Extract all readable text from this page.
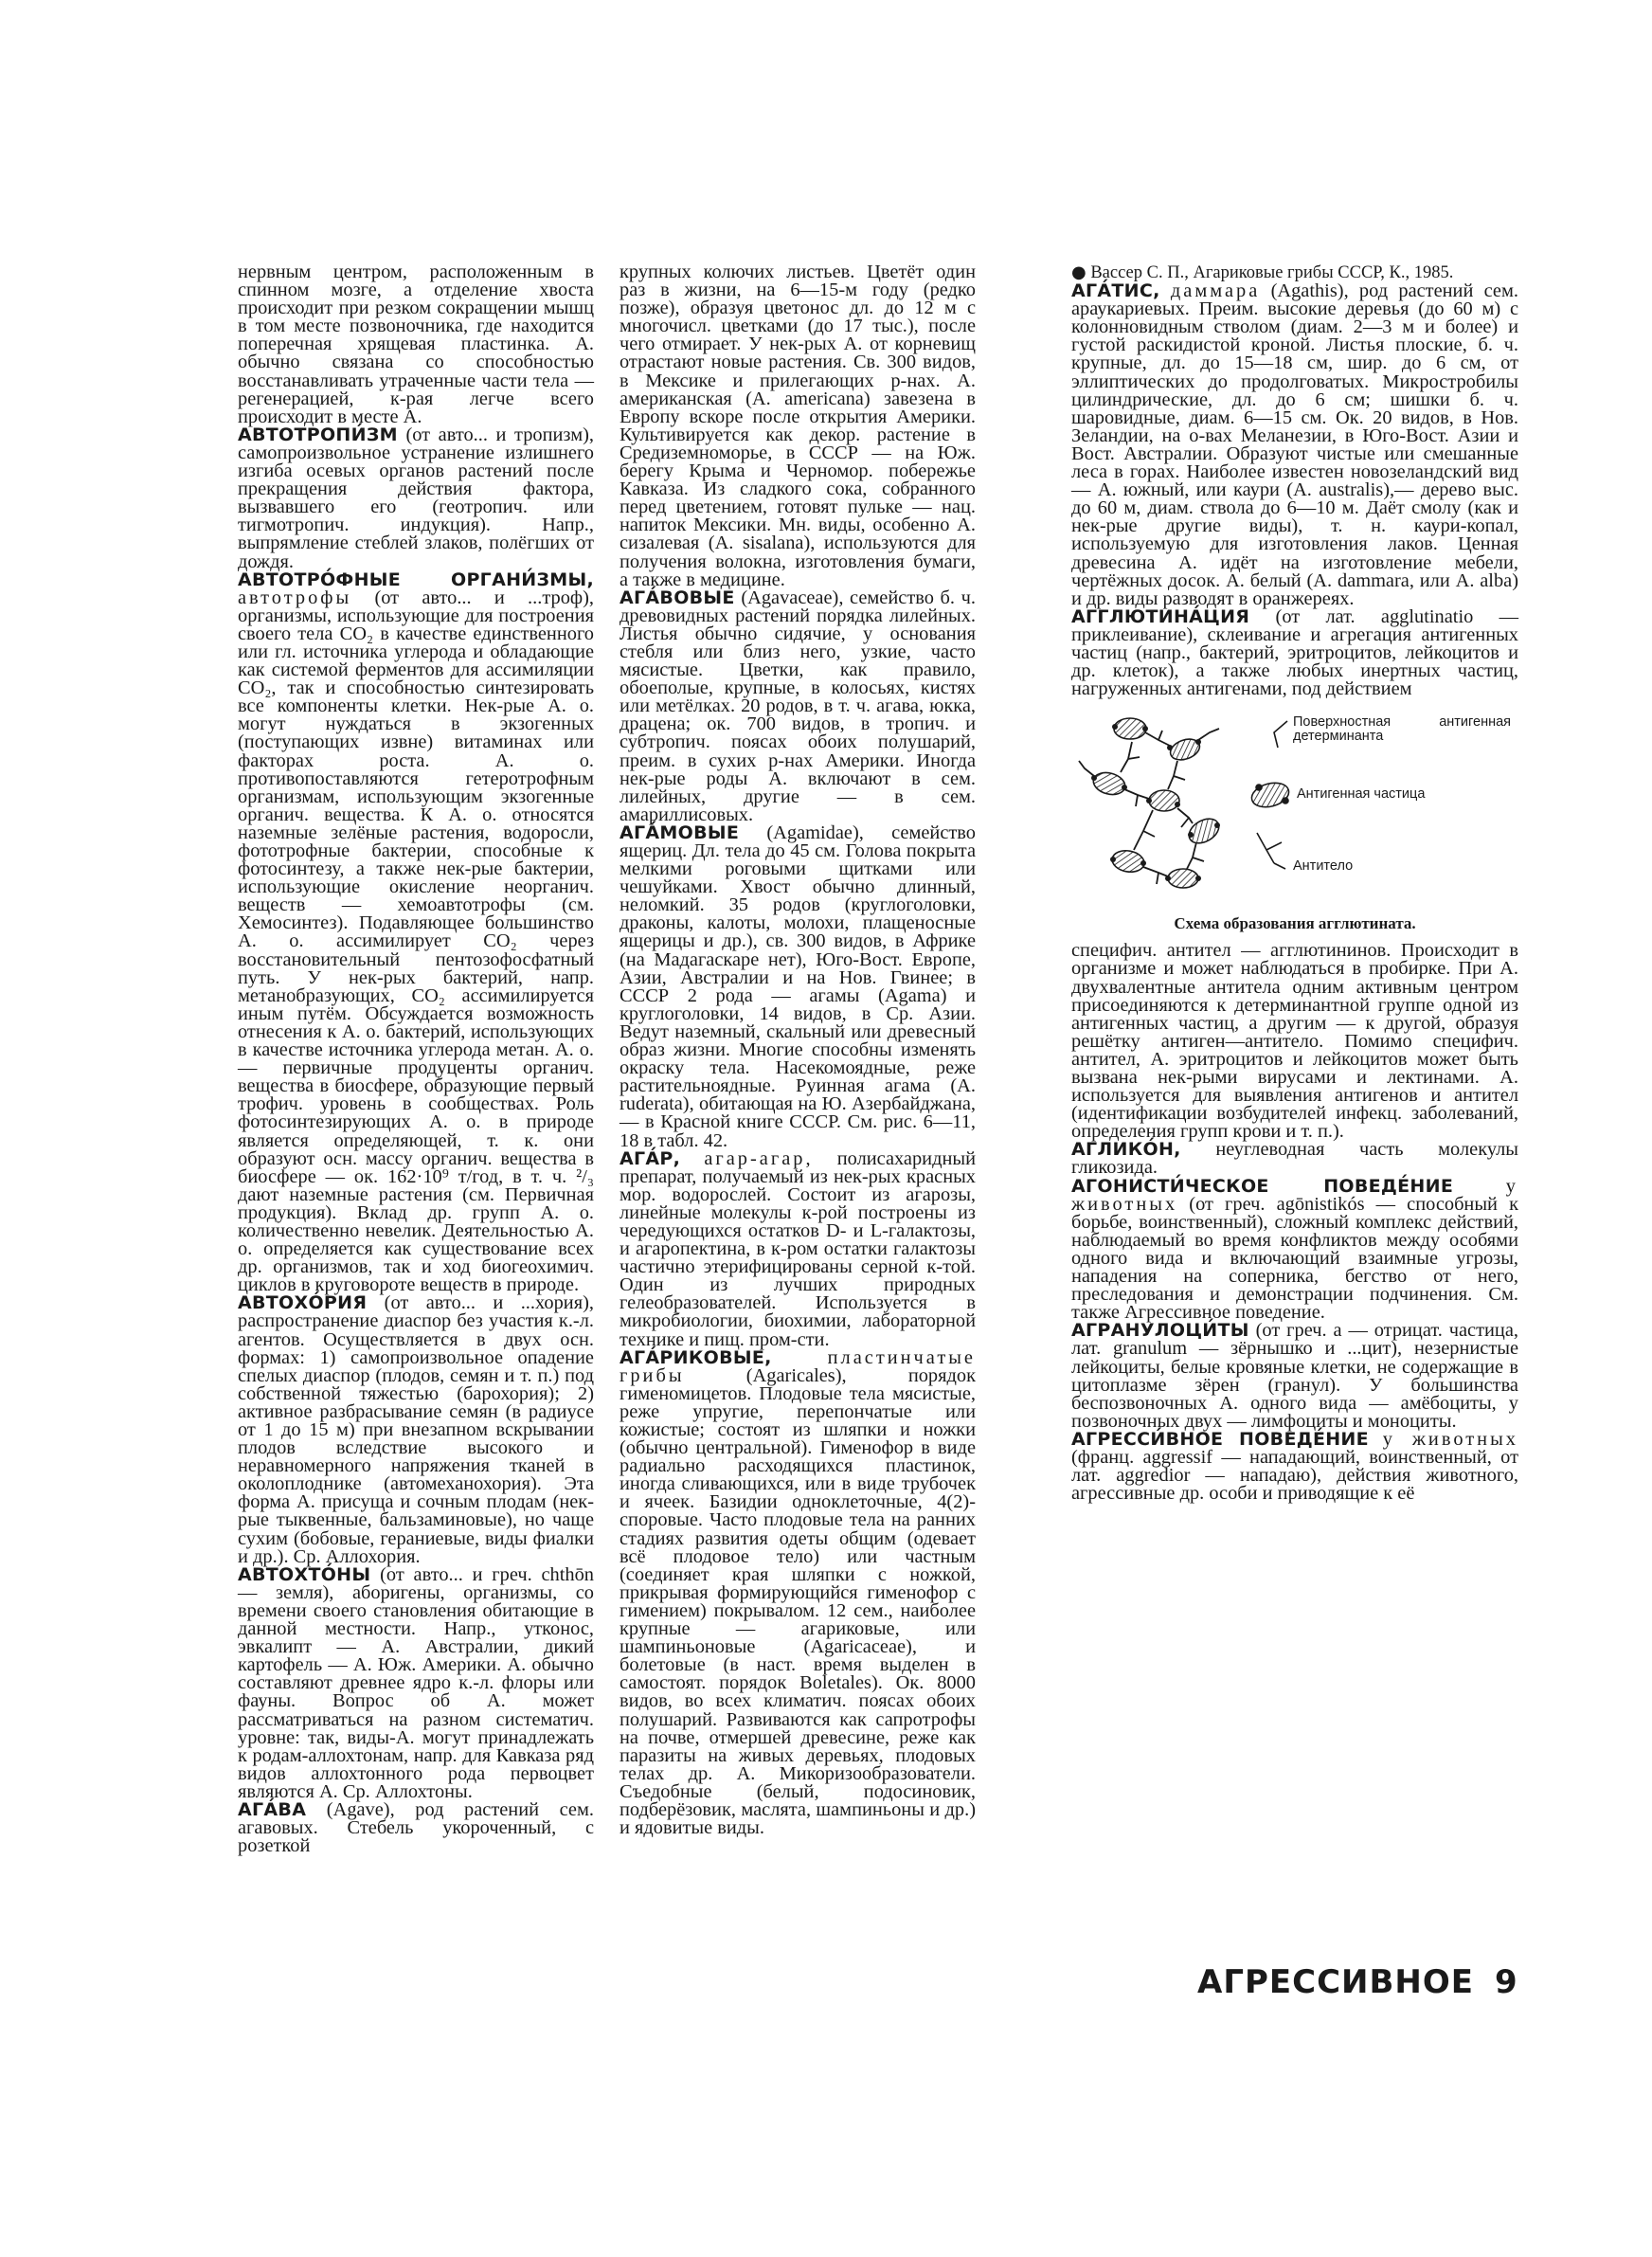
нервным центром, расположенным в спинном мозге, а отделение хвоста происходит при резком сокращении мышц в том месте позвоночника, где находится поперечная хрящевая пластинка. А. обычно связана со способностью восстанавливать утраченные части тела — регенерацией, к-рая легче всего происходит в месте А.

АВТОТРОПИ́ЗМ (от авто... и тропизм), самопроизвольное устранение излишнего изгиба осевых органов растений после прекращения действия фактора, вызвавшего его (геотропич. или тигмотропич. индукция). Напр., выпрямление стеблей злаков, полёгших от дождя.

АВТОТРО́ФНЫЕ ОРГАНИ́ЗМЫ, автотрофы (от авто... и ...троф), организмы, использующие для построения своего тела CO₂ в качестве единственного или гл. источника углерода и обладающие как системой ферментов для ассимиляции CO₂, так и способностью синтезировать все компоненты клетки. Нек-рые А. о. могут нуждаться в экзогенных (поступающих извне) витаминах или факторах роста. А. о. противопоставляются гетеротрофным организмам, использующим экзогенные органич. вещества. К А. о. относятся наземные зелёные растения, водоросли, фототрофные бактерии, способные к фотосинтезу, а также нек-рые бактерии, использующие окисление неорганич. веществ — хемоавтотрофы (см. Хемосинтез). Подавляющее большинство А. о. ассимилирует CO₂ через восстановительный пентозофосфатный путь. У нек-рых бактерий, напр. метанобразующих, CO₂ ассимилируется иным путём. Обсуждается возможность отнесения к А. о. бактерий, использующих в качестве источника углерода метан. А. о.— первичные продуценты органич. вещества в биосфере, образующие первый трофич. уровень в сообществах. Роль фотосинтезирующих А. о. в природе является определяющей, т. к. они образуют осн. массу органич. вещества в биосфере — ок. 162·10⁹ т/год, в т. ч. ²/₃ дают наземные растения (см. Первичная продукция). Вклад др. групп А. о. количественно невелик. Деятельностью А. о. определяется как существование всех др. организмов, так и ход биогеохимич. циклов в круговороте веществ в природе.

АВТОХО́РИЯ (от авто... и ...хория), распространение диаспор без участия к.-л. агентов. Осуществляется в двух осн. формах: 1) самопроизвольное опадение спелых диаспор (плодов, семян и т. п.) под собственной тяжестью (барохория); 2) активное разбрасывание семян (в радиусе от 1 до 15 м) при внезапном вскрывании плодов вследствие высокого и неравномерного напряжения тканей в околоплоднике (автомеханохория). Эта форма А. присуща и сочным плодам (нек-рые тыквенные, бальзаминовые), но чаще сухим (бобовые, гераниевые, виды фиалки и др.). Ср. Аллохория.

АВТОХТО́НЫ (от авто... и греч. chthōn — земля), аборигены, организмы, со времени своего становления обитающие в данной местности. Напр., утконос, эвкалипт — А. Австралии, дикий картофель — А. Юж. Америки. А. обычно составляют древнее ядро к.-л. флоры или фауны. Вопрос об А. может рассматриваться на разном систематич. уровне: так, виды-А. могут принадлежать к родам-аллохтонам, напр. для Кавказа ряд видов аллохтонного рода первоцвет являются А. Ср. Аллохтоны.

АГА́ВА (Agave), род растений сем. агавовых. Стебель укороченный, с розеткой

крупных колючих листьев. Цветёт один раз в жизни, на 6—15-м году (редко позже), образуя цветонос дл. до 12 м с многочисл. цветками (до 17 тыс.), после чего отмирает. У нек-рых А. от корневищ отрастают новые растения. Св. 300 видов, в Мексике и прилегающих р-нах. А. американская (A. americana) завезена в Европу вскоре после открытия Америки. Культивируется как декор. растение в Средиземноморье, в СССР — на Юж. берегу Крыма и Черномор. побережье Кавказа. Из сладкого сока, собранного перед цветением, готовят пульке — нац. напиток Мексики. Мн. виды, особенно А. сизалевая (A. sisalana), используются для получения волокна, изготовления бумаги, а также в медицине.

АГА́ВОВЫЕ (Agavaceae), семейство б. ч. древовидных растений порядка лилейных. Листья обычно сидячие, у основания стебля или близ него, узкие, часто мясистые. Цветки, как правило, обоеполые, крупные, в колосьях, кистях или метёлках. 20 родов, в т. ч. агава, юкка, драцена; ок. 700 видов, в тропич. и субтропич. поясах обоих полушарий, преим. в сухих р-нах Америки. Иногда нек-рые роды А. включают в сем. лилейных, другие — в сем. амариллисовых.

АГА́МОВЫЕ (Agamidae), семейство ящериц. Дл. тела до 45 см. Голова покрыта мелкими роговыми щитками или чешуйками. Хвост обычно длинный, неломкий. 35 родов (круглоголовки, драконы, калоты, молохи, плащеносные ящерицы и др.), св. 300 видов, в Африке (на Мадагаскаре нет), Юго-Вост. Европе, Азии, Австралии и на Нов. Гвинее; в СССР 2 рода — агамы (Agama) и круглоголовки, 14 видов, в Ср. Азии. Ведут наземный, скальный или древесный образ жизни. Многие способны изменять окраску тела. Насекомоядные, реже растительноядные. Руинная агама (A. ruderata), обитающая на Ю. Азербайджана,— в Красной книге СССР. См. рис. 6—11, 18 в табл. 42.

АГА́Р, агар-агар, полисахаридный препарат, получаемый из нек-рых красных мор. водорослей. Состоит из агарозы, линейные молекулы к-рой построены из чередующихся остатков D- и L-галактозы, и агаропектина, в к-ром остатки галактозы частично этерифицированы серной к-той. Один из лучших природных гелеобразователей. Используется в микробиологии, биохимии, лабораторной технике и пищ. пром-сти.

АГА́РИКОВЫЕ,	пластинчатые грибы	(Agaricales), порядок гименомицетов. Плодовые тела мясистые, реже упругие, перепончатые или кожистые; состоят из шляпки и ножки (обычно центральной). Гименофор в виде радиально расходящихся пластинок, иногда сливающихся, или в виде трубочек и ячеек. Базидии одноклеточные, 4(2)-споровые. Часто плодовые тела на ранних стадиях развития одеты общим (одевает всё плодовое тело) или частным (соединяет края шляпки с ножкой, прикрывая формирующийся гименофор с гимением) покрывалом. 12 сем., наиболее крупные — агариковые, или шампиньоновые (Agaricaceae), и болетовые (в наст. время выделен в самостоят. порядок Boletales). Ок. 8000 видов, во всех климатич. поясах обоих полушарий. Развиваются как сапротрофы на почве, отмершей древесине, реже как паразиты на живых деревьях, плодовых телах др. А. Микоризообразователи. Съедобные (белый, подосиновик, подберёзовик, маслята, шампиньоны и др.) и ядовитые виды.

● Вассер С. П., Агариковые грибы СССР, К., 1985.

АГА́ТИС, даммара (Agathis), род растений сем. араукариевых. Преим. высокие деревья (до 60 м) с колонновидным стволом (диам. 2—3 м и более) и густой раскидистой кроной. Листья плоские, б. ч. крупные, дл. до 15—18 см, шир. до 6 см, от эллиптических до продолговатых. Микростробилы цилиндрические, дл. до 6 см; шишки б. ч. шаровидные, диам. 6—15 см. Ок. 20 видов, в Нов. Зеландии, на о-вах Меланезии, в Юго-Вост. Азии и Вост. Австралии. Образуют чистые или смешанные леса в горах. Наиболее известен новозеландский вид — А. южный, или каури (A. australis),— дерево выс. до 60 м, диам. ствола до 6—10 м. Даёт смолу (как и нек-рые другие виды), т. н. каури-копал, используемую для изготовления лаков. Ценная древесина А. идёт на изготовление мебели, чертёжных досок. А. белый (A. dammara, или A. alba) и др. виды разводят в оранжереях.

АГГЛЮТИНА́ЦИЯ (от лат. agglutinatio — приклеивание), склеивание и агрегация антигенных частиц (напр., бактерий, эритроцитов, лейкоцитов и др. клеток), а также любых инертных частиц, нагруженных антигенами, под действием

Поверхностная антигенная детерминанта
Антигенная частица
Антитело
Схема образования агглютината.

специфич. антител — агглютининов. Происходит в организме и может наблюдаться в пробирке. При А. двухвалентные антитела одним активным центром присоединяются к детерминантной группе одной из антигенных частиц, а другим — к другой, образуя решётку антиген—антитело. Помимо специфич. антител, А. эритроцитов и лейкоцитов может быть вызвана нек-рыми вирусами и лектинами. А. используется для выявления антигенов и антител (идентификации возбудителей инфекц. заболеваний, определения групп крови и т. п.).

АГЛИКО́Н, неуглеводная часть молекулы гликозида.

АГОНИСТИ́ЧЕСКОЕ ПОВЕДЕ́НИЕ	у животных (от греч. agōnistikós — способный к борьбе, воинственный), сложный комплекс действий, наблюдаемый во время конфликтов между особями одного вида и включающий взаимные угрозы, нападения на соперника, бегство от него, преследования и демонстрации подчинения. См. также Агрессивное поведение.

АГРАНУЛОЦИ́ТЫ (от греч. а — отрицат. частица, лат. granulum — зёрнышко и ...цит), незернистые лейкоциты, белые кровяные клетки, не содержащие в цитоплазме зёрен (гранул). У большинства беспозвоночных А. одного вида — амёбоциты, у позвоночных двух — лимфоциты и моноциты.

АГРЕССИ́ВНОЕ ПОВЕДЕ́НИЕ у животных (франц. aggressif — нападающий, воинственный, от лат. aggredior — нападаю), действия животного, агрессивные др. особи и приводящие к её

АГРЕССИВНОЕ 9
